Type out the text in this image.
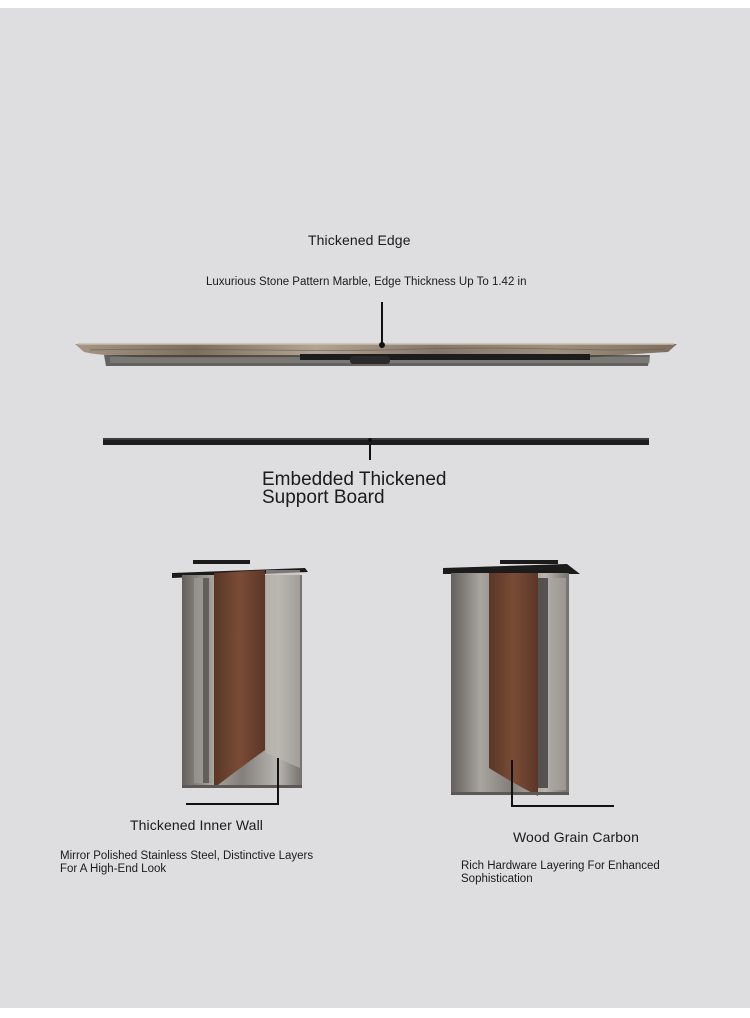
Thickened Edge

Luxurious Stone Pattern Marble, Edge Thickness Up To 1.42 in

Embedded Thickened

Support Board

Thickened Inner Wall

Mirror Polished Stainless Steel, Distinctive Layers

For A High-End Look

Wood Grain Carbon

Rich Hardware Layering For Enhanced

Sophistication
